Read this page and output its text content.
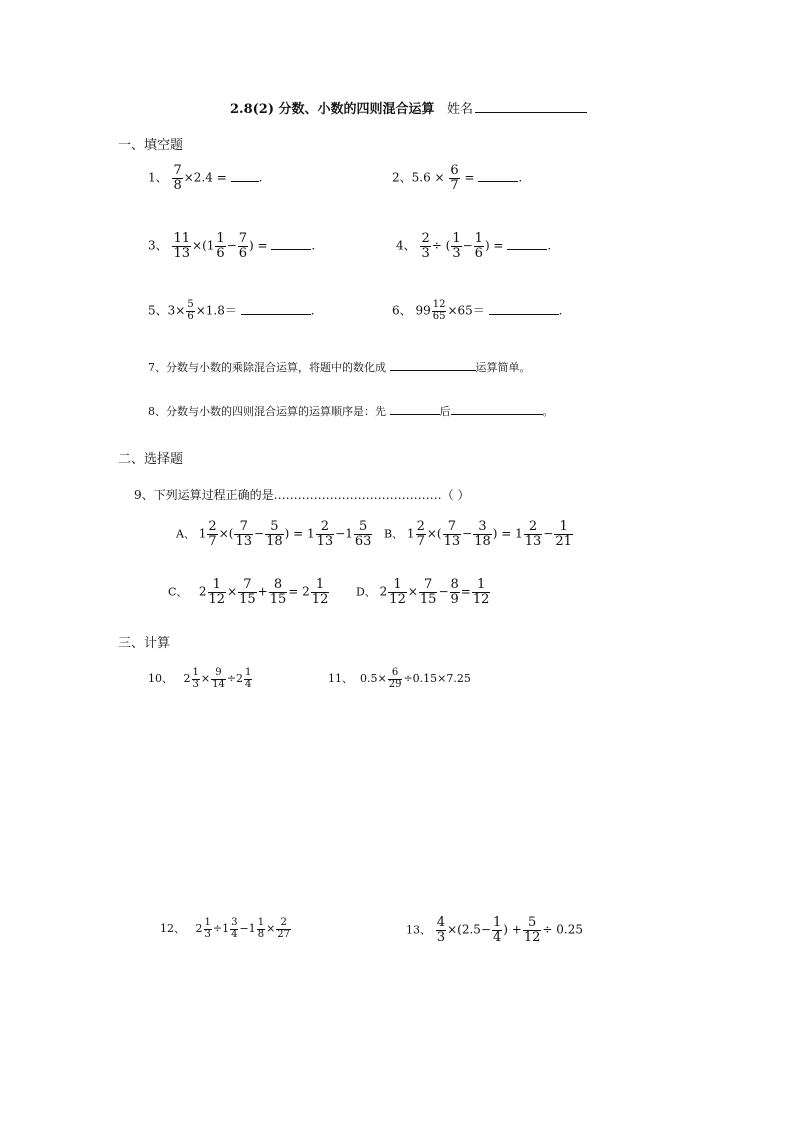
2.8(2) 分数、小数的四则混合运算 姓名
一、填空题
1、 $\frac{7}{8} \times 2.4$ =	.	2、$5.6 \times \frac{6}{7}$ =	.
3、 $\frac{11}{13} \times(1 \frac{1}{6} - \frac{7}{6}$ ) =	.	4、 $\frac{2}{3}$ ÷ ( $\frac{1}{3} - \frac{1}{6}$ ) =	.
5、$3\times \frac{5}{6} \times 1.8=$	.	6、 $99 \frac{12}{65} \times 65=$	.
7、分数与小数的乘除混合运算，将题中的数化成	运算简单。
8、分数与小数的四则混合运算的运算顺序是：先	后	。
二、选择题
9、下列运算过程正确的是……………………………………（ ）
A、 $1 \frac{2}{7}$ ×( $\frac{7}{13} - \frac{5}{18}$ ) = $1 \frac{2}{13} -1 \frac{5}{63}$ B、 $1 \frac{2}{7}$ ×( $\frac{7}{13} - \frac{3}{18}$ ) = $1 \frac{2}{13} - \frac{1}{21}$
C、 $2 \frac{1}{12} \times \frac{7}{15} + \frac{8}{15} = 2 \frac{1}{12}$ D、 $2 \frac{1}{12} \times \frac{7}{15} - \frac{8}{9} = \frac{1}{12}$
三、计算
10、 $2 \frac{1}{3} \times \frac{9}{14} \div 2 \frac{1}{4}$	11、 $0.5\times \frac{6}{29} \div 0.15\times 7.25$
12、 $2 \frac{1}{3} \div 1 \frac{3}{4} -1 \frac{1}{8} \times \frac{2}{27}$	13、 $\frac{4}{3} \times(2.5- \frac{1}{4}$ ) + $\frac{5}{12} \div 0.25$
